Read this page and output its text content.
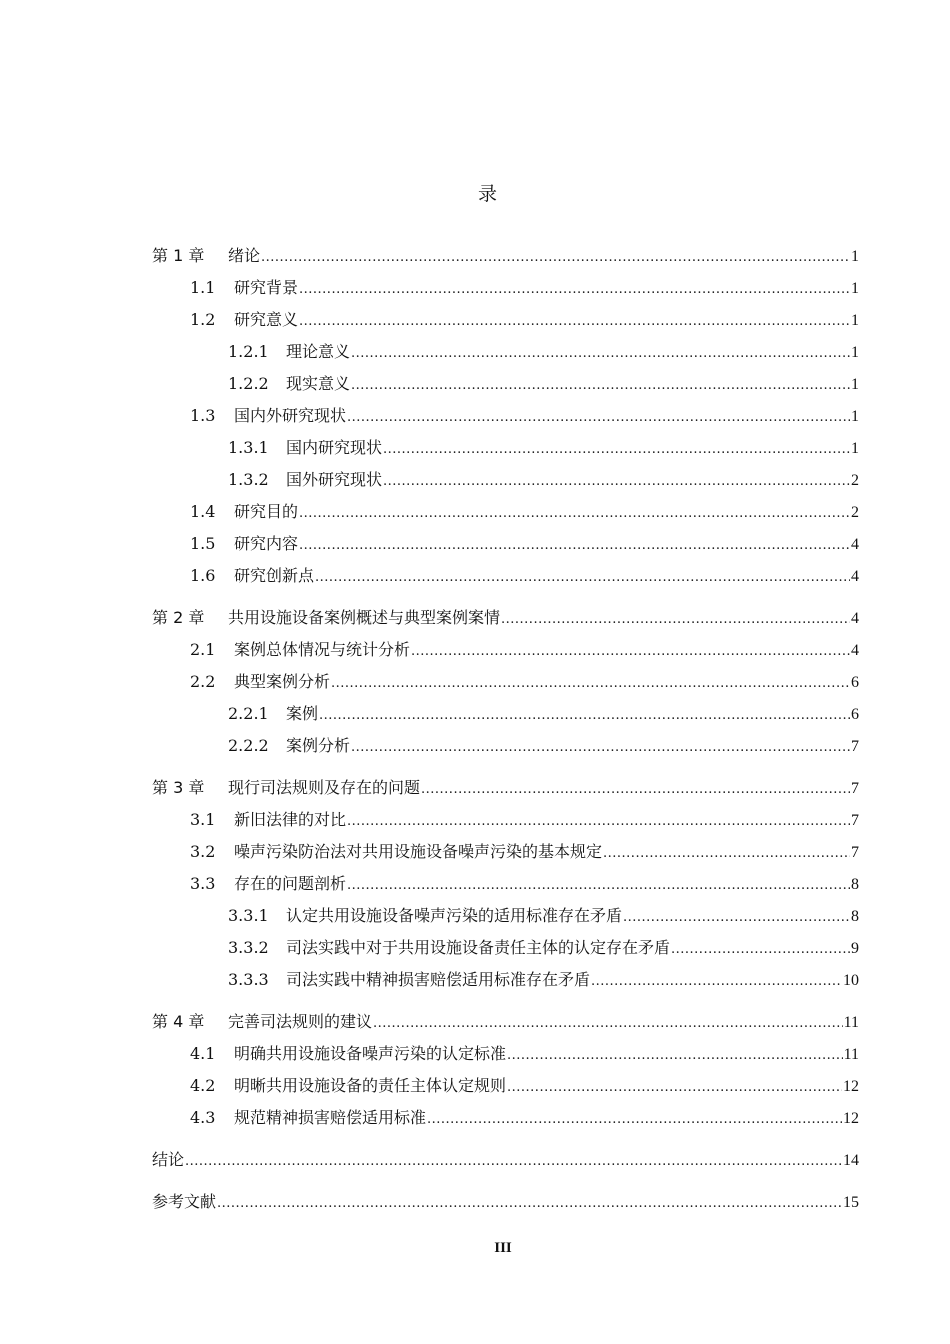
录
第 1 章	绪论 .....	1
1.1	研究背景 .....	1
1.2	研究意义 .....	1
1.2.1	理论意义 .....	1
1.2.2	现实意义 .....	1
1.3	国内外研究现状 .....	1
1.3.1	国内研究现状 .....	1
1.3.2	国外研究现状 .....	2
1.4	研究目的 .....	2
1.5	研究内容 .....	4
1.6	研究创新点 .....	4
第 2 章	共用设施设备案例概述与典型案例案情 .....	4
2.1	案例总体情况与统计分析 .....	4
2.2	典型案例分析 .....	6
2.2.1	案例 .....	6
2.2.2	案例分析 .....	7
第 3 章	现行司法规则及存在的问题 .....	7
3.1	新旧法律的对比 .....	7
3.2	噪声污染防治法对共用设施设备噪声污染的基本规定 .....	7
3.3	存在的问题剖析 .....	8
3.3.1	认定共用设施设备噪声污染的适用标准存在矛盾 .....	8
3.3.2	司法实践中对于共用设施设备责任主体的认定存在矛盾 .....	9
3.3.3	司法实践中精神损害赔偿适用标准存在矛盾 .....	10
第 4 章	完善司法规则的建议 .....	11
4.1	明确共用设施设备噪声污染的认定标准 .....	11
4.2	明晰共用设施设备的责任主体认定规则 .....	12
4.3	规范精神损害赔偿适用标准 .....	12
结论 .....	14
参考文献 .....	15
III
